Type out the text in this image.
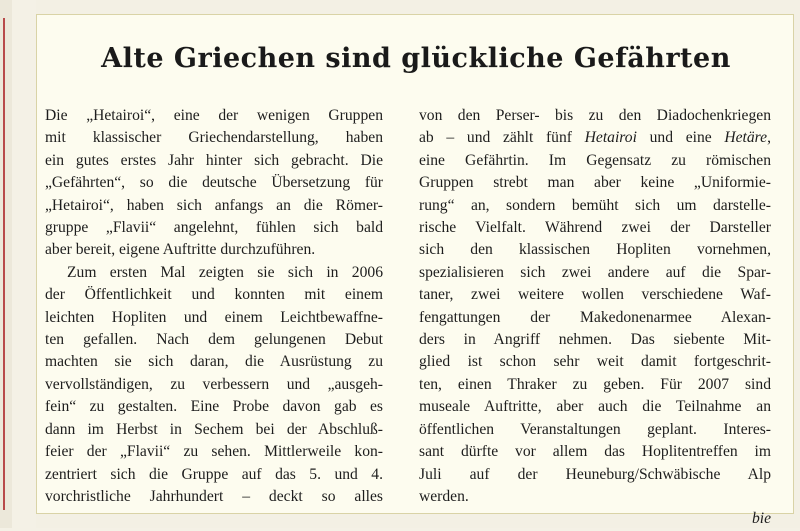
Alte Griechen sind glückliche Gefährten
Die „Hetairoi“, eine der wenigen Gruppen
mit klassischer Griechendarstellung, haben
ein gutes erstes Jahr hinter sich gebracht. Die
„Gefährten“, so die deutsche Übersetzung für
„Hetairoi“, haben sich anfangs an die Römer-
gruppe „Flavii“ angelehnt, fühlen sich bald
aber bereit, eigene Auftritte durchzuführen.
Zum ersten Mal zeigten sie sich in 2006
der Öffentlichkeit und konnten mit einem
leichten Hopliten und einem Leichtbewaffne-
ten gefallen. Nach dem gelungenen Debut
machten sie sich daran, die Ausrüstung zu
vervollständigen, zu verbessern und „ausgeh-
fein“ zu gestalten. Eine Probe davon gab es
dann im Herbst in Sechem bei der Abschluß-
feier der „Flavii“ zu sehen. Mittlerweile kon-
zentriert sich die Gruppe auf das 5. und 4.
vorchristliche Jahrhundert – deckt so alles
von den Perser- bis zu den Diadochenkriegen
ab – und zählt fünf Hetairoi und eine Hetäre,
eine Gefährtin. Im Gegensatz zu römischen
Gruppen strebt man aber keine „Uniformie-
rung“ an, sondern bemüht sich um darstelle-
rische Vielfalt. Während zwei der Darsteller
sich den klassischen Hopliten vornehmen,
spezialisieren sich zwei andere auf die Spar-
taner, zwei weitere wollen verschiedene Waf-
fengattungen der Makedonenarmee Alexan-
ders in Angriff nehmen. Das siebente Mit-
glied ist schon sehr weit damit fortgeschrit-
ten, einen Thraker zu geben. Für 2007 sind
museale Auftritte, aber auch die Teilnahme an
öffentlichen Veranstaltungen geplant. Interes-
sant dürfte vor allem das Hoplitentreffen im
Juli auf der Heuneburg/Schwäbische Alp
werden.
bie
